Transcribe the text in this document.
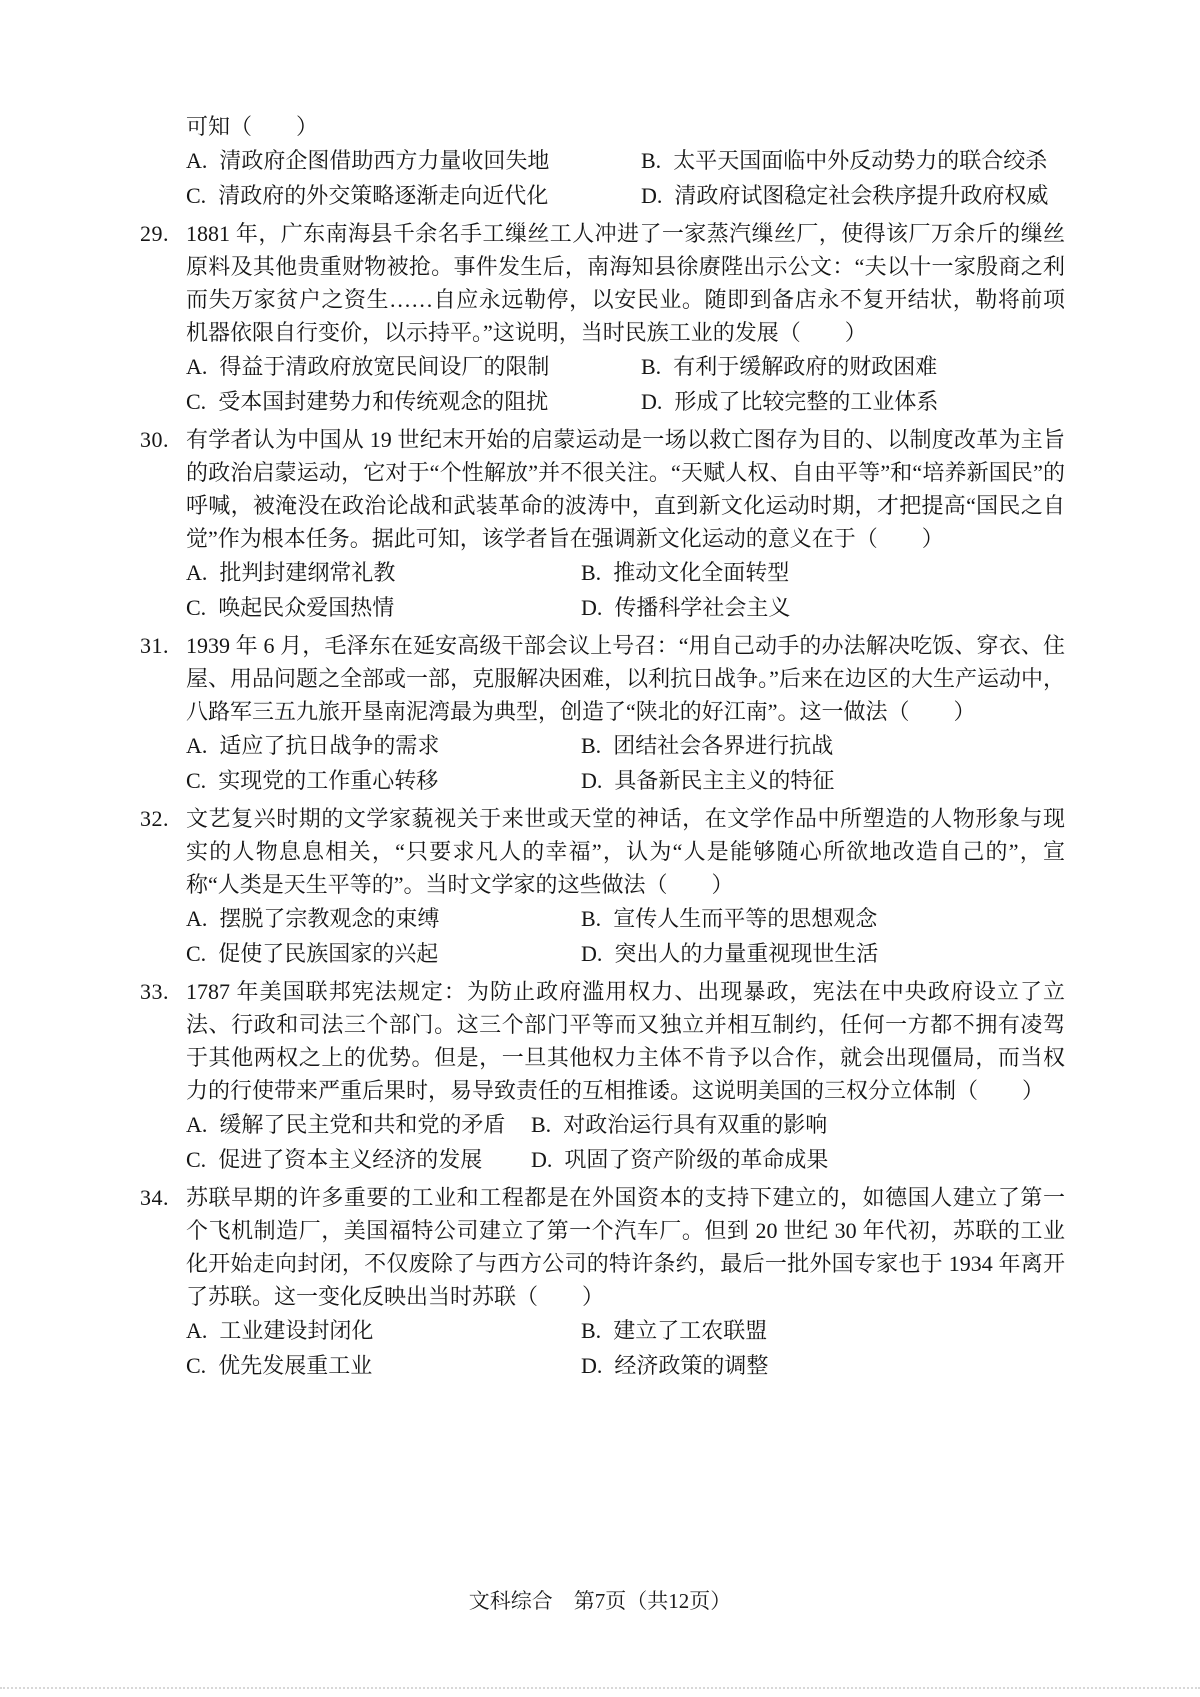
可知（　　）

A. 清政府企图借助西方力量收回失地	B. 太平天国面临中外反动势力的联合绞杀
C. 清政府的外交策略逐渐走向近代化	D. 清政府试图稳定社会秩序提升政府权威
29. 1881 年，广东南海县千余名手工缫丝工人冲进了一家蒸汽缫丝厂，使得该厂万余斤的缫丝原料及其他贵重财物被抢。事件发生后，南海知县徐赓陛出示公文：“夫以十一家殷商之利而失万家贫户之资生……自应永远勒停，以安民业。随即到备店永不复开结状，勒将前项机器依限自行变价，以示持平。”这说明，当时民族工业的发展（　　）

A. 得益于清政府放宽民间设厂的限制	B. 有利于缓解政府的财政困难
C. 受本国封建势力和传统观念的阻扰	D. 形成了比较完整的工业体系
30. 有学者认为中国从 19 世纪末开始的启蒙运动是一场以救亡图存为目的、以制度改革为主旨的政治启蒙运动，它对于“个性解放”并不很关注。“天赋人权、自由平等”和“培养新国民”的呼喊，被淹没在政治论战和武装革命的波涛中，直到新文化运动时期，才把提高“国民之自觉”作为根本任务。据此可知，该学者旨在强调新文化运动的意义在于（　　）

A. 批判封建纲常礼教	B. 推动文化全面转型
C. 唤起民众爱国热情	D. 传播科学社会主义
31. 1939 年 6 月，毛泽东在延安高级干部会议上号召：“用自己动手的办法解决吃饭、穿衣、住屋、用品问题之全部或一部，克服解决困难，以利抗日战争。”后来在边区的大生产运动中，八路军三五九旅开垦南泥湾最为典型，创造了“陕北的好江南”。这一做法（　　）

A. 适应了抗日战争的需求	B. 团结社会各界进行抗战
C. 实现党的工作重心转移	D. 具备新民主主义的特征
32. 文艺复兴时期的文学家藐视关于来世或天堂的神话，在文学作品中所塑造的人物形象与现实的人物息息相关，“只要求凡人的幸福”，认为“人是能够随心所欲地改造自己的”，宣称“人类是天生平等的”。当时文学家的这些做法（　　）

A. 摆脱了宗教观念的束缚	B. 宣传人生而平等的思想观念
C. 促使了民族国家的兴起	D. 突出人的力量重视现世生活
33. 1787 年美国联邦宪法规定：为防止政府滥用权力、出现暴政，宪法在中央政府设立了立法、行政和司法三个部门。这三个部门平等而又独立并相互制约，任何一方都不拥有凌驾于其他两权之上的优势。但是，一旦其他权力主体不肯予以合作，就会出现僵局，而当权力的行使带来严重后果时，易导致责任的互相推诿。这说明美国的三权分立体制（　　）

A. 缓解了民主党和共和党的矛盾 B. 对政治运行具有双重的影响
C. 促进了资本主义经济的发展 D. 巩固了资产阶级的革命成果
34. 苏联早期的许多重要的工业和工程都是在外国资本的支持下建立的，如德国人建立了第一个飞机制造厂，美国福特公司建立了第一个汽车厂。但到 20 世纪 30 年代初，苏联的工业化开始走向封闭，不仅废除了与西方公司的特许条约，最后一批外国专家也于 1934 年离开了苏联。这一变化反映出当时苏联（　　）

A. 工业建设封闭化	B. 建立了工农联盟
C. 优先发展重工业	D. 经济政策的调整
文科综合　第7页（共12页）
